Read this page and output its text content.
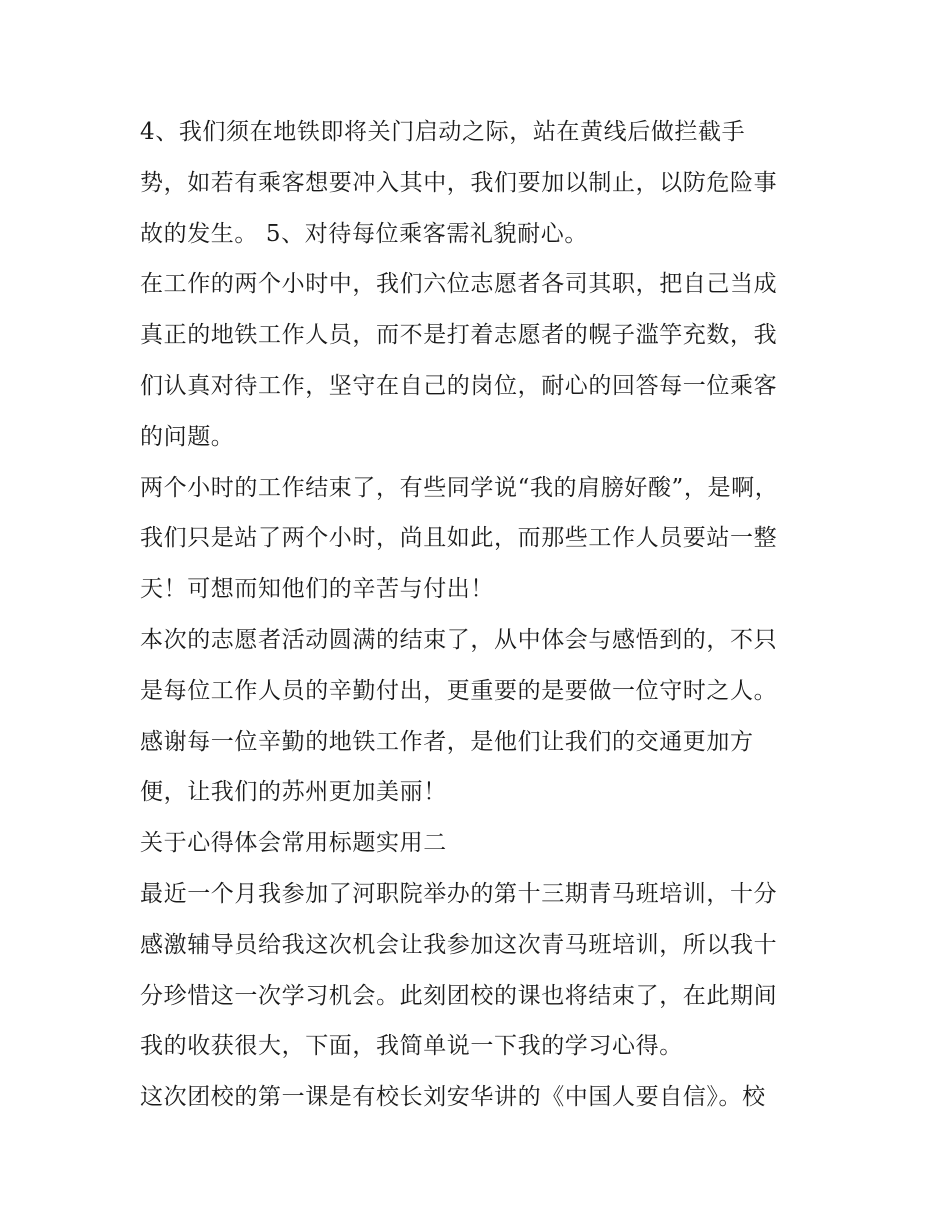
4、我们须在地铁即将关门启动之际，站在黄线后做拦截手
势，如若有乘客想要冲入其中，我们要加以制止，以防危险事
故的发生。 5、对待每位乘客需礼貌耐心。
在工作的两个小时中，我们六位志愿者各司其职，把自己当成
真正的地铁工作人员，而不是打着志愿者的幌子滥竽充数，我
们认真对待工作，坚守在自己的岗位，耐心的回答每一位乘客
的问题。
两个小时的工作结束了，有些同学说“我的肩膀好酸”，是啊，
我们只是站了两个小时，尚且如此，而那些工作人员要站一整
天！可想而知他们的辛苦与付出！
本次的志愿者活动圆满的结束了，从中体会与感悟到的，不只
是每位工作人员的辛勤付出，更重要的是要做一位守时之人。
感谢每一位辛勤的地铁工作者，是他们让我们的交通更加方
便，让我们的苏州更加美丽！
关于心得体会常用标题实用二
最近一个月我参加了河职院举办的第十三期青马班培训，十分
感激辅导员给我这次机会让我参加这次青马班培训，所以我十
分珍惜这一次学习机会。此刻团校的课也将结束了，在此期间
我的收获很大，下面，我简单说一下我的学习心得。
这次团校的第一课是有校长刘安华讲的《中国人要自信》。校
